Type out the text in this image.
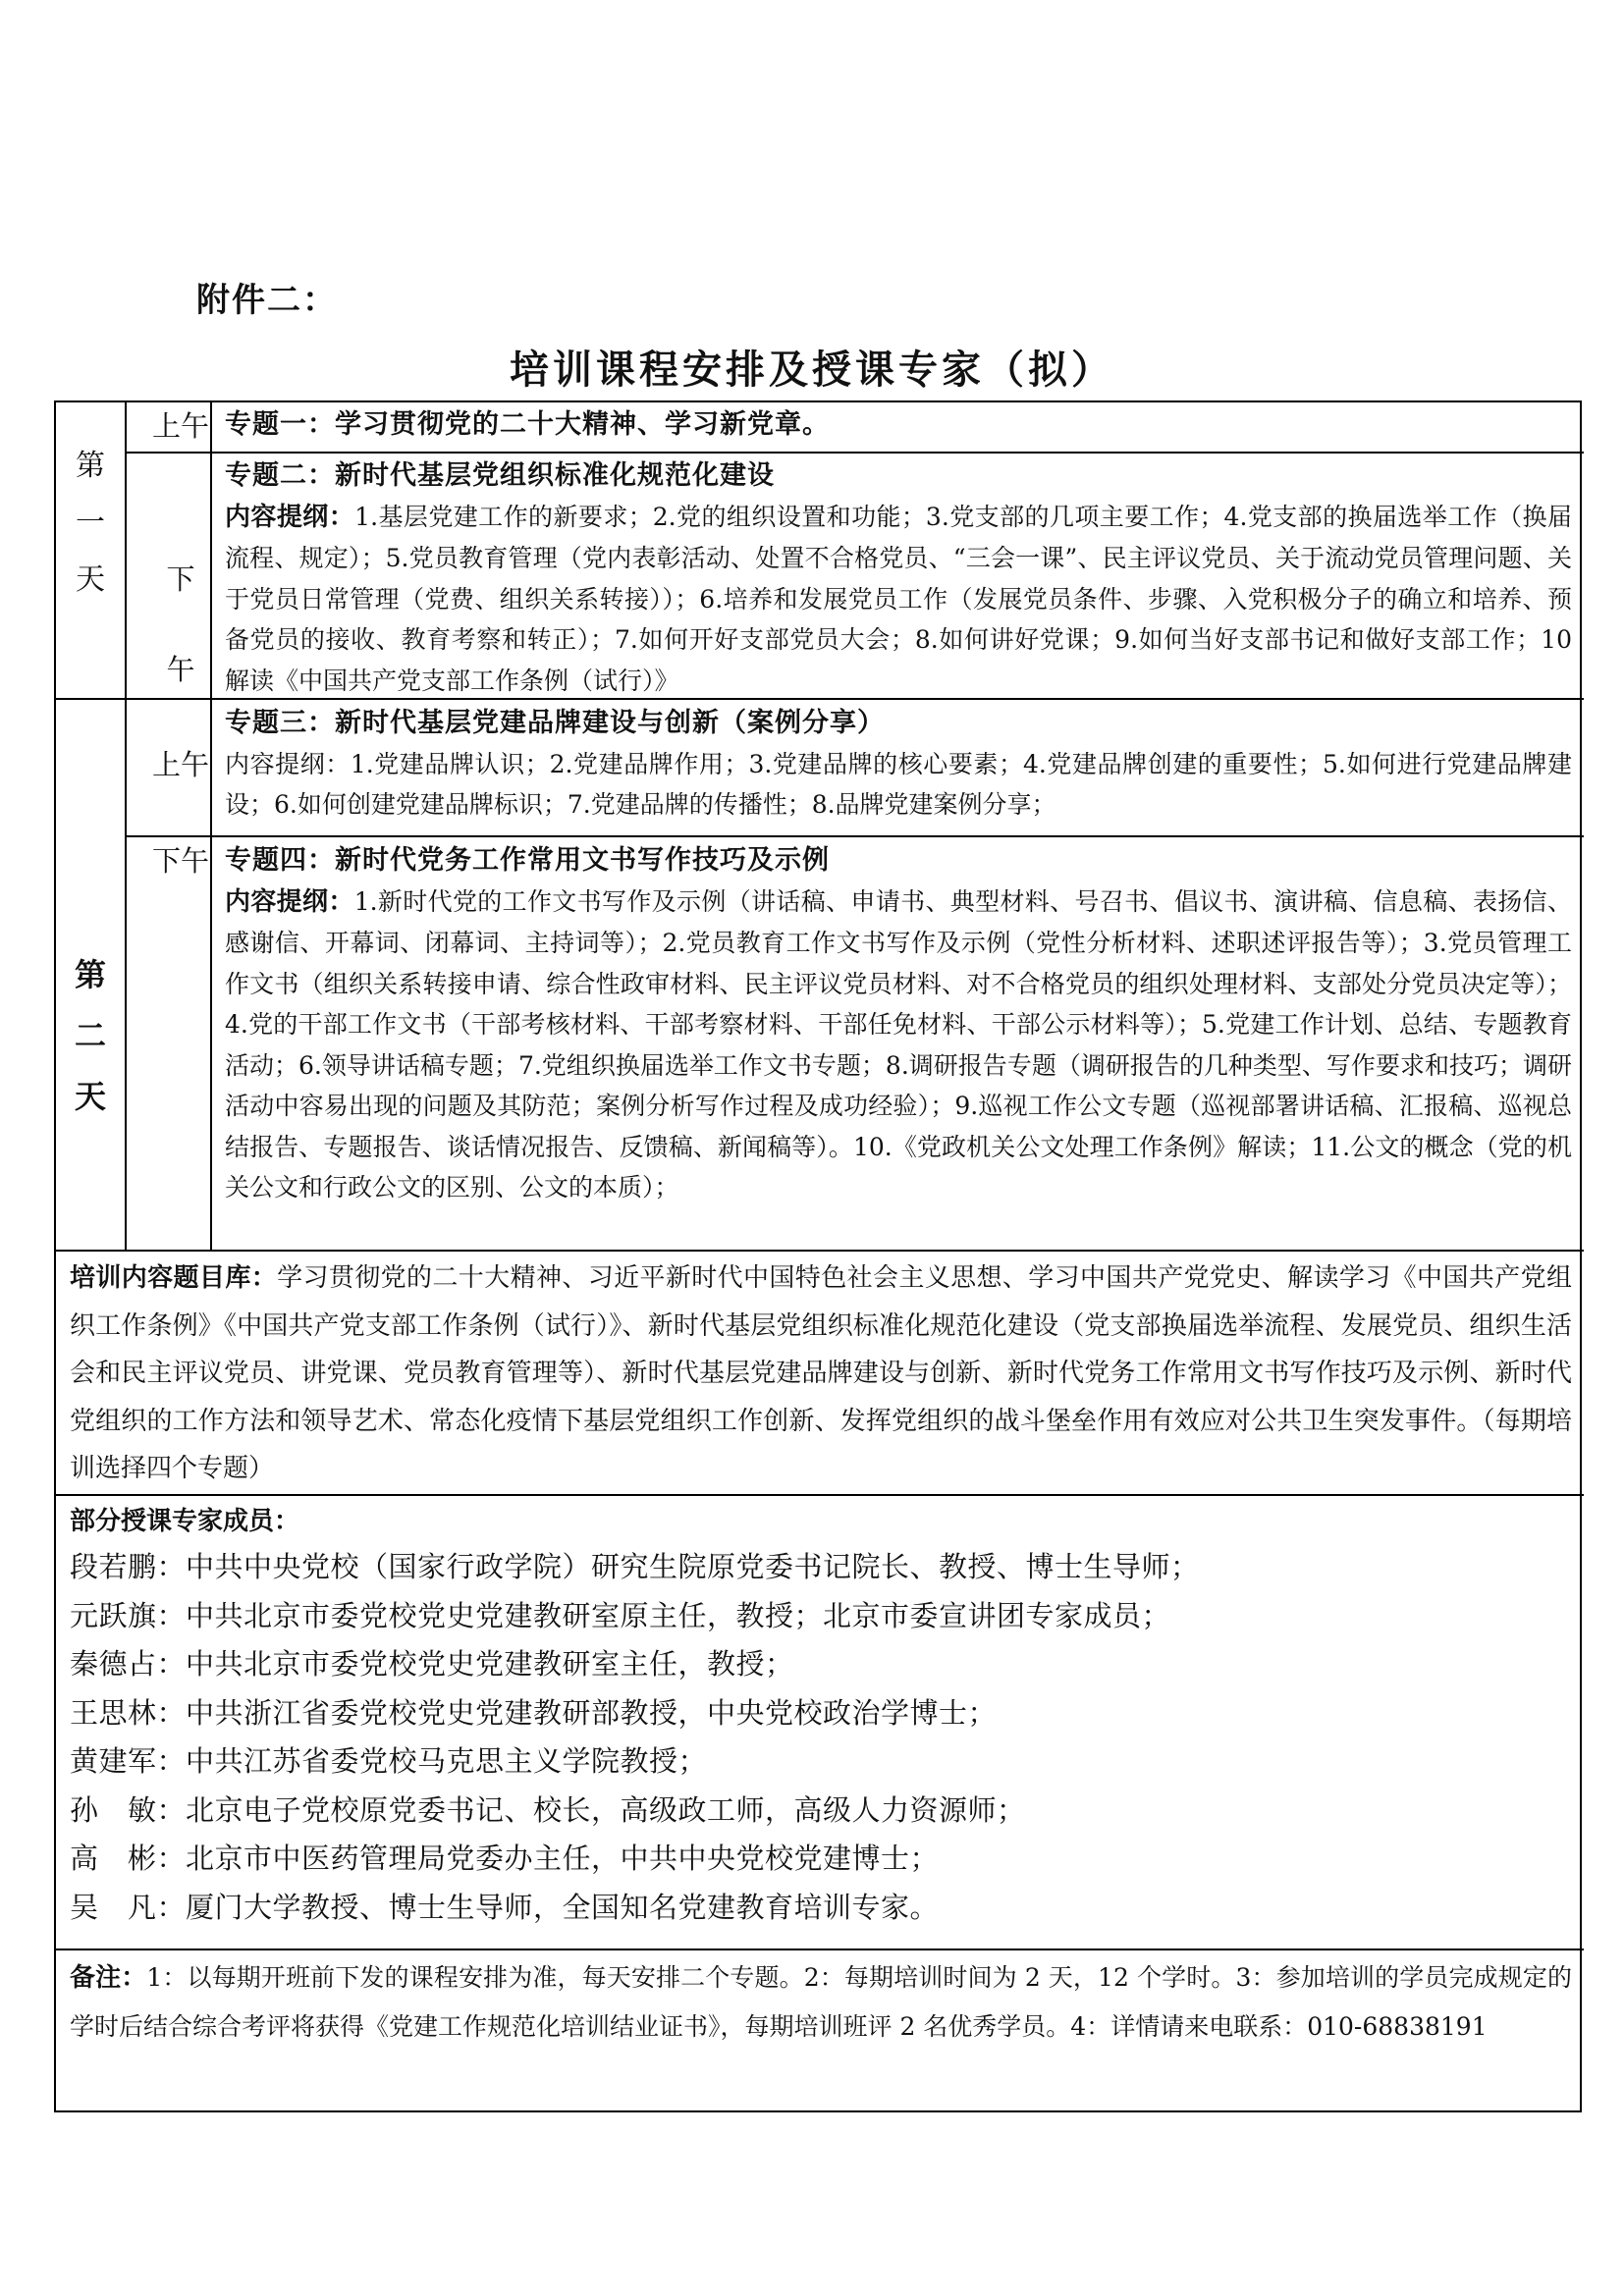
附件二：
培训课程安排及授课专家（拟）
第
一
天
上午 专题一：学习贯彻党的二十大精神、学习新党章。
下
午
专题二：新时代基层党组织标准化规范化建设
内容提纲：1.基层党建工作的新要求；2.党的组织设置和功能；3.党支部的几项主要工作；4.党支部的换届选举工作（换届流程、规定）；5.党员教育管理（党内表彰活动、处置不合格党员、“三会一课”、民主评议党员、关于流动党员管理问题、关于党员日常管理（党费、组织关系转接））；6.培养和发展党员工作（发展党员条件、步骤、入党积极分子的确立和培养、预备党员的接收、教育考察和转正）；7.如何开好支部党员大会；8.如何讲好党课；9.如何当好支部书记和做好支部工作；10 解读《中国共产党支部工作条例（试行）》
第
二
天
上午
专题三：新时代基层党建品牌建设与创新（案例分享）
内容提纲：1.党建品牌认识；2.党建品牌作用；3.党建品牌的核心要素；4.党建品牌创建的重要性；5.如何进行党建品牌建设；6.如何创建党建品牌标识；7.党建品牌的传播性；8.品牌党建案例分享；
下午 专题四：新时代党务工作常用文书写作技巧及示例
内容提纲：1.新时代党的工作文书写作及示例（讲话稿、申请书、典型材料、号召书、倡议书、演讲稿、信息稿、表扬信、感谢信、开幕词、闭幕词、主持词等）；2.党员教育工作文书写作及示例（党性分析材料、述职述评报告等）；3.党员管理工作文书（组织关系转接申请、综合性政审材料、民主评议党员材料、对不合格党员的组织处理材料、支部处分党员决定等）；4.党的干部工作文书（干部考核材料、干部考察材料、干部任免材料、干部公示材料等）；5.党建工作计划、总结、专题教育活动；6.领导讲话稿专题；7.党组织换届选举工作文书专题；8.调研报告专题（调研报告的几种类型、写作要求和技巧；调研活动中容易出现的问题及其防范；案例分析写作过程及成功经验）；9.巡视工作公文专题（巡视部署讲话稿、汇报稿、巡视总结报告、专题报告、谈话情况报告、反馈稿、新闻稿等）。10.《党政机关公文处理工作条例》解读；11.公文的概念（党的机关公文和行政公文的区别、公文的本质）；
培训内容题目库：学习贯彻党的二十大精神、习近平新时代中国特色社会主义思想、学习中国共产党党史、解读学习《中国共产党组织工作条例》《中国共产党支部工作条例（试行）》、新时代基层党组织标准化规范化建设（党支部换届选举流程、发展党员、组织生活会和民主评议党员、讲党课、党员教育管理等）、新时代基层党建品牌建设与创新、新时代党务工作常用文书写作技巧及示例、新时代党组织的工作方法和领导艺术、常态化疫情下基层党组织工作创新、发挥党组织的战斗堡垒作用有效应对公共卫生突发事件。（每期培训选择四个专题）
部分授课专家成员：
段若鹏：中共中央党校（国家行政学院）研究生院原党委书记院长、教授、博士生导师；
元跃旗：中共北京市委党校党史党建教研室原主任，教授；北京市委宣讲团专家成员；
秦德占：中共北京市委党校党史党建教研室主任，教授；
王思林：中共浙江省委党校党史党建教研部教授，中央党校政治学博士；
黄建军：中共江苏省委党校马克思主义学院教授；
孙　敏：北京电子党校原党委书记、校长，高级政工师，高级人力资源师；
高　彬：北京市中医药管理局党委办主任，中共中央党校党建博士；
吴　凡：厦门大学教授、博士生导师，全国知名党建教育培训专家。
备注：1：以每期开班前下发的课程安排为准，每天安排二个专题。2：每期培训时间为 2 天，12 个学时。3：参加培训的学员完成规定的学时后结合综合考评将获得《党建工作规范化培训结业证书》，每期培训班评 2 名优秀学员。4：详情请来电联系：010-68838191
